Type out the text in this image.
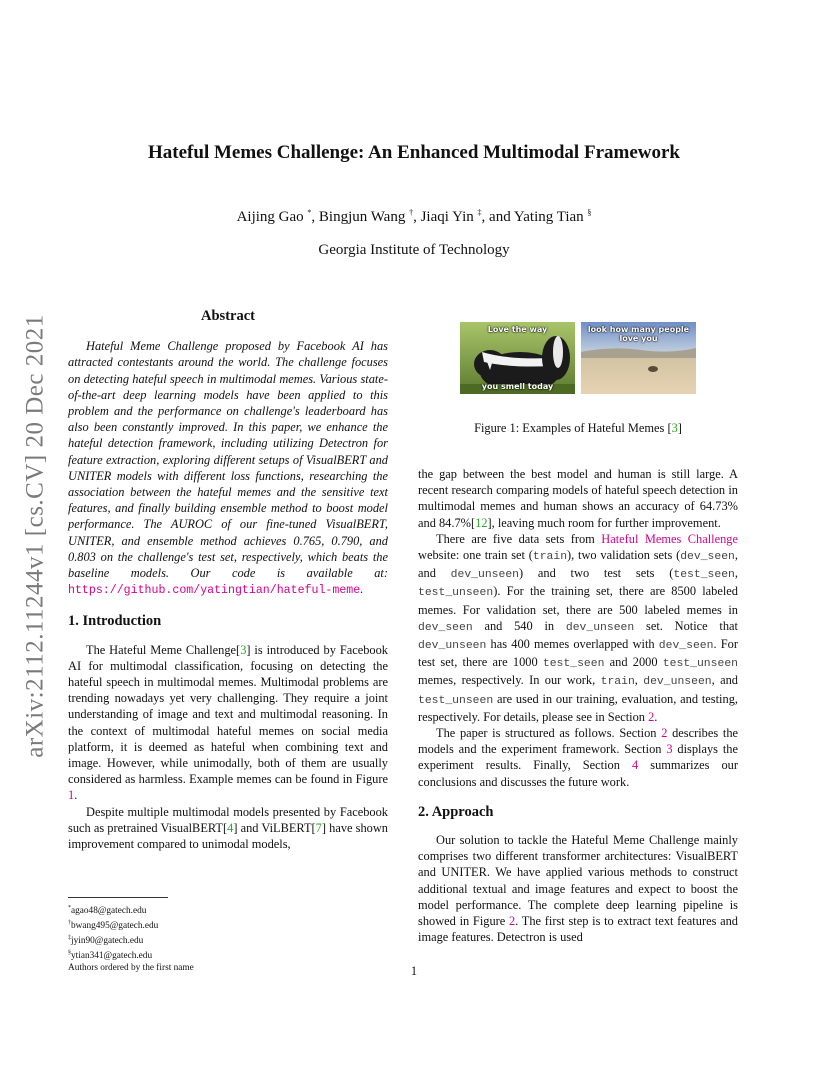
arXiv:2112.11244v1 [cs.CV] 20 Dec 2021
Hateful Memes Challenge: An Enhanced Multimodal Framework
Aijing Gao *, Bingjun Wang †, Jiaqi Yin ‡, and Yating Tian §
Georgia Institute of Technology
Abstract

Hateful Meme Challenge proposed by Facebook AI has attracted contestants around the world. The challenge focuses on detecting hateful speech in multimodal memes. Various state-of-the-art deep learning models have been applied to this problem and the performance on challenge's leaderboard has also been constantly improved. In this paper, we enhance the hateful detection framework, including utilizing Detectron for feature extraction, exploring different setups of VisualBERT and UNITER models with different loss functions, researching the association between the hateful memes and the sensitive text features, and finally building ensemble method to boost model performance. The AUROC of our fine-tuned VisualBERT, UNITER, and ensemble method achieves 0.765, 0.790, and 0.803 on the challenge's test set, respectively, which beats the baseline models. Our code is available at: https://github.com/yatingtian/hateful-meme.

1. Introduction

The Hateful Meme Challenge[3] is introduced by Facebook AI for multimodal classification, focusing on detecting the hateful speech in multimodal memes. Multimodal problems are trending nowadays yet very challenging. They require a joint understanding of image and text and multimodal reasoning. In the context of multimodal hateful memes on social media platform, it is deemed as hateful when combining text and image. However, while unimodally, both of them are usually considered as harmless. Example memes can be found in Figure 1.

Despite multiple multimodal models presented by Facebook such as pretrained VisualBERT[4] and ViLBERT[7] have shown improvement compared to unimodal models,

*agao48@gatech.edu
†bwang495@gatech.edu
‡jyin90@gatech.edu
§ytian341@gatech.edu
Authors ordered by the first name
Love the way
you smell today
look how many people love you
Figure 1: Examples of Hateful Memes [3]

the gap between the best model and human is still large. A recent research comparing models of hateful speech detection in multimodal memes and human shows an accuracy of 64.73% and 84.7%[12], leaving much room for further improvement.

There are five data sets from Hateful Memes Challenge website: one train set (train), two validation sets (dev_seen, and dev_unseen) and two test sets (test_seen, test_unseen). For the training set, there are 8500 labeled memes. For validation set, there are 500 labeled memes in dev_seen and 540 in dev_unseen set. Notice that dev_unseen has 400 memes overlapped with dev_seen. For test set, there are 1000 test_seen and 2000 test_unseen memes, respectively. In our work, train, dev_unseen, and test_unseen are used in our training, evaluation, and testing, respectively. For details, please see in Section 2.

The paper is structured as follows. Section 2 describes the models and the experiment framework. Section 3 displays the experiment results. Finally, Section 4 summarizes our conclusions and discusses the future work.

2. Approach

Our solution to tackle the Hateful Meme Challenge mainly comprises two different transformer architectures: VisualBERT and UNITER. We have applied various methods to construct additional textual and image features and expect to boost the model performance. The complete deep learning pipeline is showed in Figure 2. The first step is to extract text features and image features. Detectron is used

1
